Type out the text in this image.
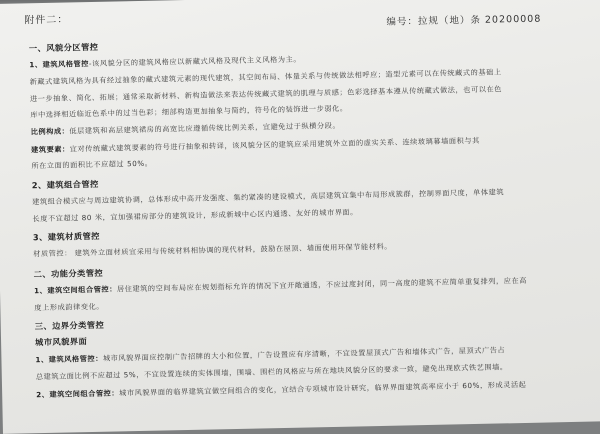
附件二：	编号：拉规（地）条 20200008
一、风貌分区管控
1、建筑风格管控-该风貌分区的建筑风格应以新藏式风格及现代主义风格为主。
新藏式建筑风格为具有经过抽象的藏式建筑元素的现代建筑，其空间布局、体量关系与传统做法相呼应；造型元素可以在传统藏式的基础上
进一步抽象、简化、拓展；通常采取新材料、新构造做法来表达传统藏式建筑的肌理与质感；色彩选择基本遵从传统藏式做法，也可以在色
库中选择相近临近色系中的过当色彩；细部构造更加抽象与简约，符号化的装饰进一步弱化。
比例构成：低层建筑和高层建筑裙房的高宽比应遵循传统比例关系，宜避免过于纵横分段。
建筑要素：宜对传统藏式建筑要素的符号进行抽象和转译，该风貌分区的建筑应采用建筑外立面的虚实关系、连续玻璃幕墙面积与其
所在立面的面积比不应超过 50%。
2、建筑组合管控
建筑组合模式应与周边建筑协调，总体形成中高开发强度、集约紧凑的建设模式，高层建筑宜集中布局形成簇群，控制界面尺度，单体建筑
长度不宜超过 80 米，宜加强裙房部分的建筑设计，形成新城中心区内通透、友好的城市界面。
3、建筑材质管控
材质管控： 建筑外立面材质宜采用与传统材料相协调的现代材料，鼓励在屋顶、墙面使用环保节能材料。
二、功能分类管控
1、建筑空间组合管控：居住建筑的空间布局应在规划指标允许的情况下宜开敞通透，不应过度封闭，同一高度的建筑不应简单重复排列，应在高
度上形成韵律变化。
三、边界分类管控
城市风貌界面
1、建筑风格管控：城市风貌界面应控制广告招牌的大小和位置，广告设置应有序清晰，不宜设置屋顶式广告和墙体式广告，屋顶式广告占
总建筑立面比例不应超过 5%，不宜设置连续的实体围墙，围墙、围栏的风格应与所在地块风貌分区的要求一致，避免出现欧式铁艺围墙。
2、建筑空间组合管控：城市风貌界面的临界建筑宜做空间组合的变化，宜结合专项城市设计研究，临界界面建筑高率应小于 60%，形成灵活起
